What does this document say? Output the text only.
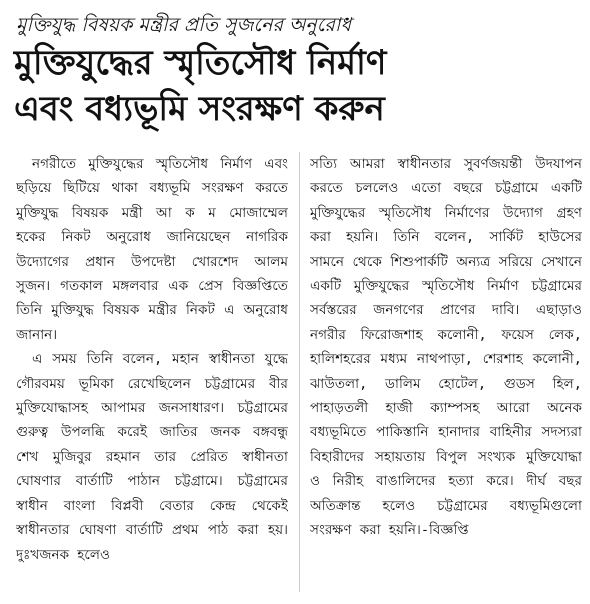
মুক্তিযুদ্ধ বিষয়ক মন্ত্রীর প্রতি সুজনের অনুরোধ
মুক্তিযুদ্ধের স্মৃতিসৌধ নির্মাণ
এবং বধ্যভূমি সংরক্ষণ করুন

নগরীতে মুক্তিযুদ্ধের স্মৃতিসৌধ নির্মাণ এবং ছড়িয়ে ছিটিয়ে থাকা বধ্যভূমি সংরক্ষণ করতে মুক্তিযুদ্ধ বিষয়ক মন্ত্রী আ ক ম মোজাম্মেল হকের নিকট অনুরোধ জানিয়েছেন নাগরিক উদ্যোগের প্রধান উপদেষ্টা খোরশেদ আলম সুজন। গতকাল মঙ্গলবার এক প্রেস বিজ্ঞপ্তিতে তিনি মুক্তিযুদ্ধ বিষয়ক মন্ত্রীর নিকট এ অনুরোধ জানান।

এ সময় তিনি বলেন, মহান স্বাধীনতা যুদ্ধে গৌরবময় ভূমিকা রেখেছিলেন চট্টগ্রামের বীর মুক্তিযোদ্ধাসহ আপামর জনসাধারণ। চট্টগ্রামের গুরুত্ব উপলব্ধি করেই জাতির জনক বঙ্গবন্ধু শেখ মুজিবুর রহমান তার প্রেরিত স্বাধীনতা ঘোষণার বার্তাটি পাঠান চট্টগ্রামে। চট্টগ্রামের স্বাধীন বাংলা বিপ্লবী বেতার কেন্দ্র থেকেই স্বাধীনতার ঘোষণা বার্তাটি প্রথম পাঠ করা হয়। দুঃখজনক হলেও

সত্যি আমরা স্বাধীনতার সুবর্ণজয়ন্তী উদযাপন করতে চললেও এতো বছরে চট্টগ্রামে একটি মুক্তিযুদ্ধের স্মৃতিসৌধ নির্মাণের উদ্যোগ গ্রহণ করা হয়নি। তিনি বলেন, সার্কিট হাউসের সামনে থেকে শিশুপার্কটি অন্যত্র সরিয়ে সেখানে একটি মুক্তিযুদ্ধের স্মৃতিসৌধ নির্মাণ চট্টগ্রামের সর্বস্তরের জনগণের প্রাণের দাবি। এছাড়াও নগরীর ফিরোজশাহ কলোনী, ফয়েস লেক, হালিশহরের মধ্যম নাথপাড়া, শেরশাহ কলোনী, ঝাউতলা, ডালিম হোটেল, গুডস হিল, পাহাড়তলী হাজী ক্যাম্পসহ আরো অনেক বধ্যভূমিতে পাকিস্তানি হানাদার বাহিনীর সদস্যরা বিহারীদের সহায়তায় বিপুল সংখ্যক মুক্তিযোদ্ধা ও নিরীহ বাঙালিদের হত্যা করে। দীর্ঘ বছর অতিক্রান্ত হলেও চট্টগ্রামের বধ্যভূমিগুলো সংরক্ষণ করা হয়নি।-বিজ্ঞপ্তি
